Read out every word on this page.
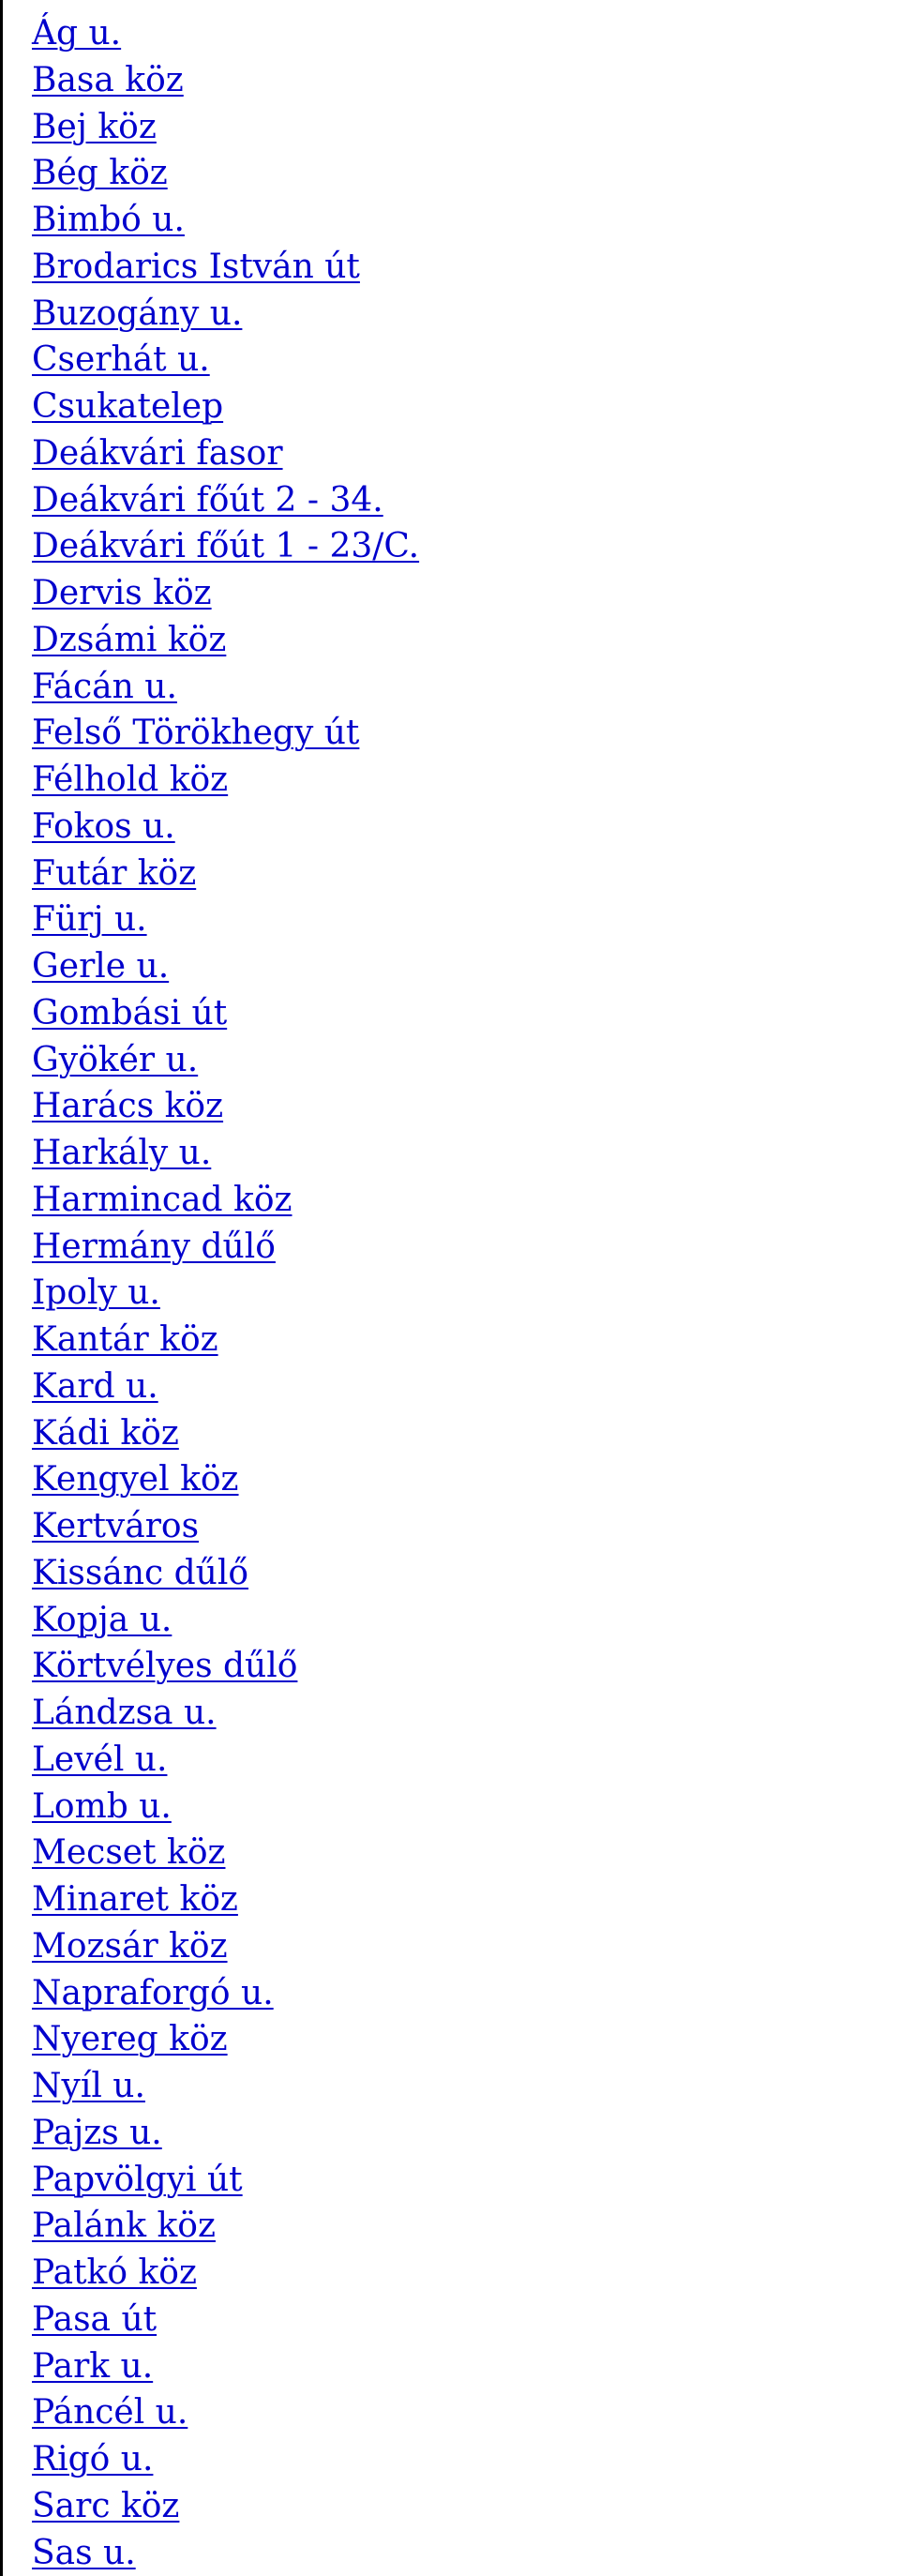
Ág u.
Basa köz
Bej köz
Bég köz
Bimbó u.
Brodarics István út
Buzogány u.
Cserhát u.
Csukatelep
Deákvári fasor
Deákvári főút 2 - 34.
Deákvári főút 1 - 23/C.
Dervis köz
Dzsámi köz
Fácán u.
Felső Törökhegy út
Félhold köz
Fokos u.
Futár köz
Fürj u.
Gerle u.
Gombási út
Gyökér u.
Harács köz
Harkály u.
Harmincad köz
Hermány dűlő
Ipoly u.
Kantár köz
Kard u.
Kádi köz
Kengyel köz
Kertváros
Kissánc dűlő
Kopja u.
Körtvélyes dűlő
Lándzsa u.
Levél u.
Lomb u.
Mecset köz
Minaret köz
Mozsár köz
Napraforgó u.
Nyereg köz
Nyíl u.
Pajzs u.
Papvölgyi út
Palánk köz
Patkó köz
Pasa út
Park u.
Páncél u.
Rigó u.
Sarc köz
Sas u.
